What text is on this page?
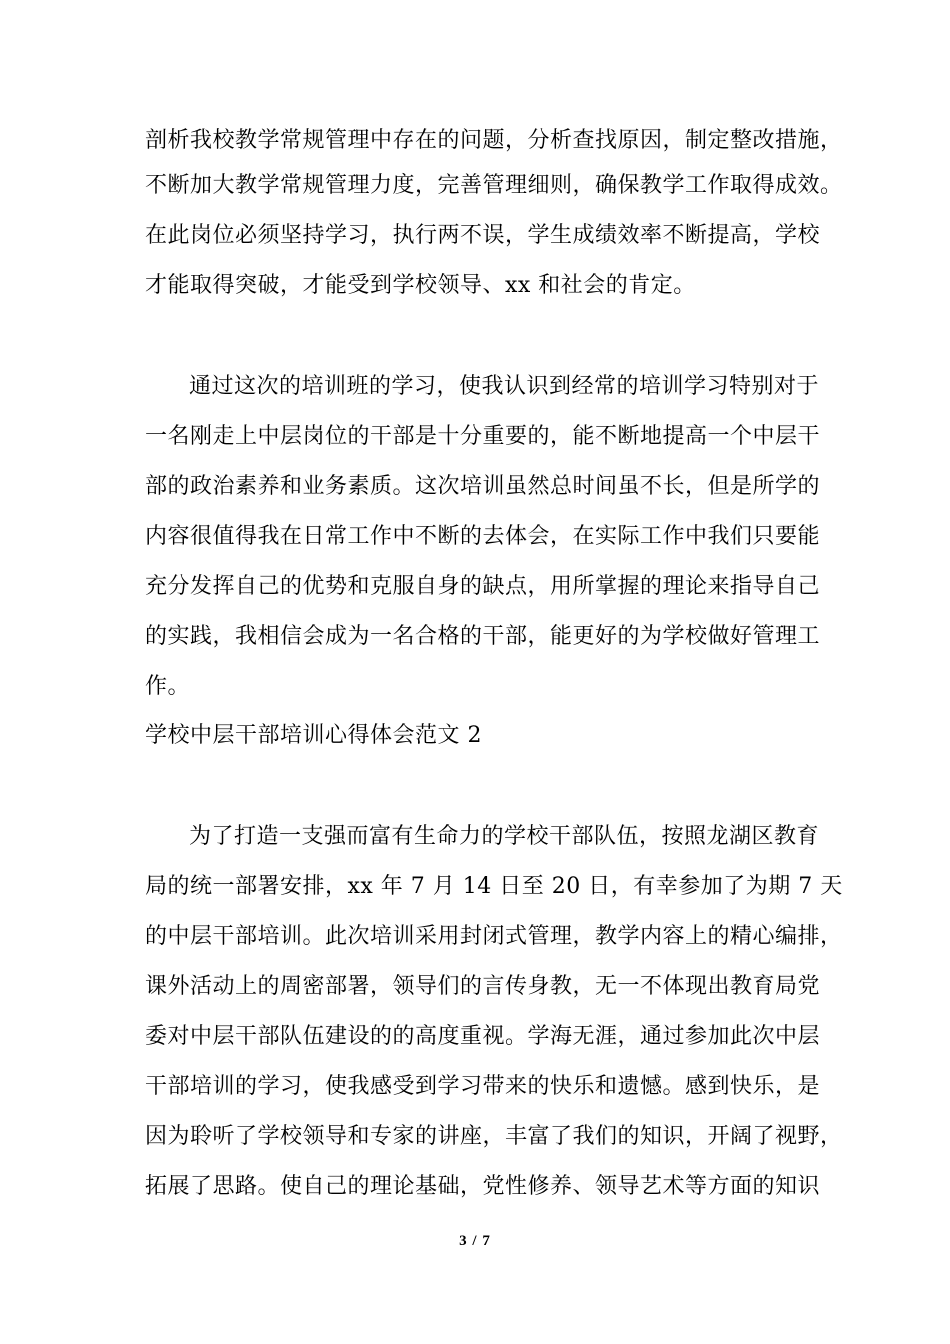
剖析我校教学常规管理中存在的问题，分析查找原因，制定整改措施，
不断加大教学常规管理力度，完善管理细则，确保教学工作取得成效。
在此岗位必须坚持学习，执行两不误，学生成绩效率不断提高，学校
才能取得突破，才能受到学校领导、xx 和社会的肯定。
通过这次的培训班的学习，使我认识到经常的培训学习特别对于
一名刚走上中层岗位的干部是十分重要的，能不断地提高一个中层干
部的政治素养和业务素质。这次培训虽然总时间虽不长，但是所学的
内容很值得我在日常工作中不断的去体会，在实际工作中我们只要能
充分发挥自己的优势和克服自身的缺点，用所掌握的理论来指导自己
的实践，我相信会成为一名合格的干部，能更好的为学校做好管理工
作。
学校中层干部培训心得体会范文 2
为了打造一支强而富有生命力的学校干部队伍，按照龙湖区教育
局的统一部署安排，xx 年 7 月 14 日至 20 日，有幸参加了为期 7 天
的中层干部培训。此次培训采用封闭式管理，教学内容上的精心编排，
课外活动上的周密部署，领导们的言传身教，无一不体现出教育局党
委对中层干部队伍建设的的高度重视。学海无涯，通过参加此次中层
干部培训的学习，使我感受到学习带来的快乐和遗憾。感到快乐，是
因为聆听了学校领导和专家的讲座，丰富了我们的知识，开阔了视野，
拓展了思路。使自己的理论基础，党性修养、领导艺术等方面的知识
3 / 7
